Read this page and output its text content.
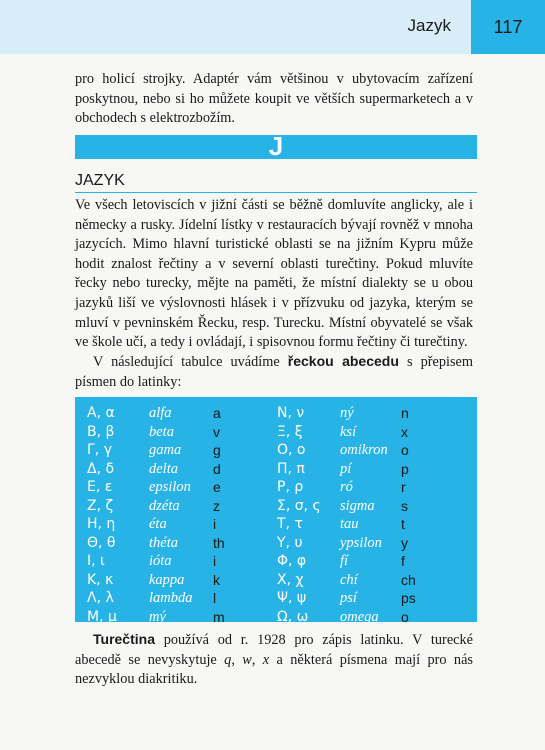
Jazyk	117

pro holicí strojky. Adaptér vám většinou v ubytovacím zařízení poskytnou, nebo si ho můžete koupit ve větších supermarketech a v obchodech s elektrozbožím.

J
JAZYK

Ve všech letoviscích v jižní části se běžně domluvíte anglicky, ale i německy a rusky. Jídelní lístky v restauracích bývají rovněž v mnoha jazycích. Mimo hlavní turistické oblasti se na jižním Kypru může hodit znalost řečtiny a v severní oblasti turečtiny. Pokud mluvíte řecky nebo turecky, mějte na paměti, že místní dialekty se u obou jazyků liší ve výslovnosti hlásek i v přízvuku od jazyka, kterým se mluví v pevninském Řecku, resp. Turecku. Místní obyvatelé se však ve škole učí, a tedy i ovládají, i spisovnou formu řečtiny či turečtiny.

V následující tabulce uvádíme řeckou abecedu s přepisem písmen do latinky:

Α, α alfa	a
Β, β beta	v
Γ, γ	gama g
Δ, δ delta	d
Ε, ε	epsilon e
Ζ, ζ dzéta z
Η, η éta	i
Θ, θ théta	th
Ι, ι	ióta	i
Κ, κ kappa k
Λ, λ lambda l
Μ, μ mý	m
Ν, ν ný	n
Ξ, ξ	ksí	x
Ο, ο omikron o
Π, π pí	p
Ρ, ρ	ró	r
Σ, σ, ς sigma s
Τ, τ	tau	t
Υ, υ	ypsilon y
Φ, φ fí	f
Χ, χ	chí	ch
Ψ, ψ psí	ps
Ω, ω omega o

Turečtina používá od r. 1928 pro zápis latinku. V turecké abecedě se nevyskytuje q, w, x a některá písmena mají pro nás nezvyklou diakritiku.
